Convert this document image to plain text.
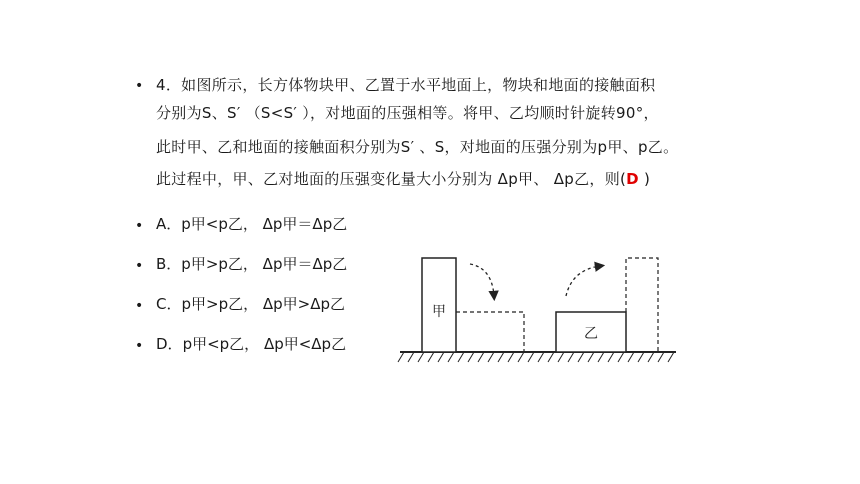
• 4．如图所示，长方体物块甲、乙置于水平地面上，物块和地面的接触面积
分别为S、S′ （S<S′ ），对地面的压强相等。将甲、乙均顺时针旋转90°，
此时甲、乙和地面的接触面积分别为S′ 、S，对地面的压强分别为p甲、p乙。
此过程中，甲、乙对地面的压强变化量大小分别为 Δp甲、 Δp乙，则(D )
• A．p甲<p乙， Δp甲＝Δp乙
• B．p甲>p乙， Δp甲＝Δp乙
• C．p甲>p乙， Δp甲>Δp乙
• D．p甲<p乙， Δp甲<Δp乙
甲
乙
